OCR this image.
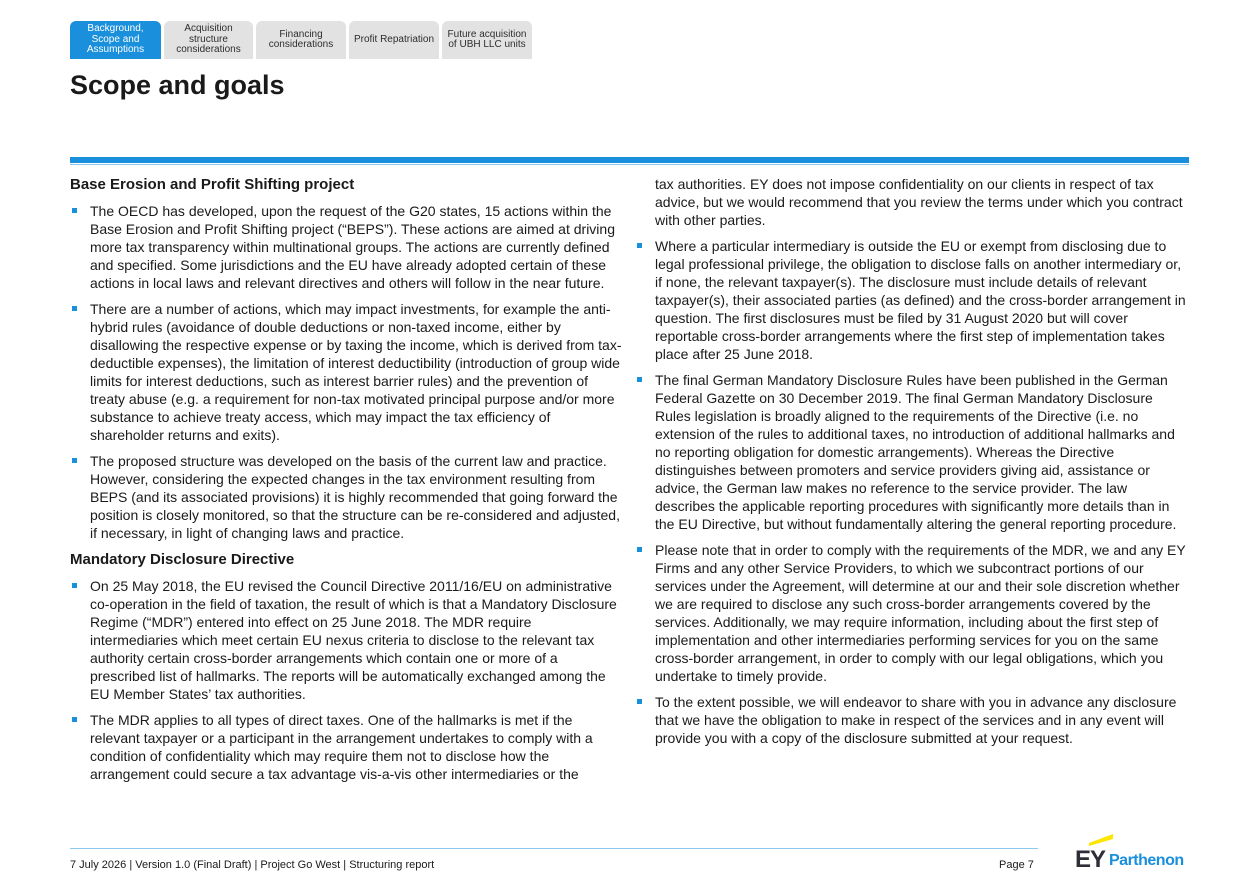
Background,
Scope and
Assumptions
Acquisition
structure
considerations
Financing
considerations	Profit Repatriation	Future acquisition
of UBH LLC units
Scope and goals
Base Erosion and Profit Shifting project
The OECD has developed, upon the request of the G20 states, 15 actions within the Base Erosion and Profit Shifting project (“BEPS”). These actions are aimed at driving more tax transparency within multinational groups. The actions are currently defined and specified. Some jurisdictions and the EU have already adopted certain of these actions in local laws and relevant directives and others will follow in the near future.
There are a number of actions, which may impact investments, for example the anti-hybrid rules (avoidance of double deductions or non-taxed income, either by disallowing the respective expense or by taxing the income, which is derived from tax-deductible expenses), the limitation of interest deductibility (introduction of group wide limits for interest deductions, such as interest barrier rules) and the prevention of treaty abuse (e.g. a requirement for non-tax motivated principal purpose and/or more substance to achieve treaty access, which may impact the tax efficiency of shareholder returns and exits).
The proposed structure was developed on the basis of the current law and practice. However, considering the expected changes in the tax environment resulting from BEPS (and its associated provisions) it is highly recommended that going forward the position is closely monitored, so that the structure can be re-considered and adjusted, if necessary, in light of changing laws and practice.
Mandatory Disclosure Directive
On 25 May 2018, the EU revised the Council Directive 2011/16/EU on administrative co-operation in the field of taxation, the result of which is that a Mandatory Disclosure Regime (“MDR”) entered into effect on 25 June 2018. The MDR require intermediaries which meet certain EU nexus criteria to disclose to the relevant tax authority certain cross-border arrangements which contain one or more of a prescribed list of hallmarks. The reports will be automatically exchanged among the EU Member States’ tax authorities.
The MDR applies to all types of direct taxes. One of the hallmarks is met if the relevant taxpayer or a participant in the arrangement undertakes to comply with a condition of confidentiality which may require them not to disclose how the arrangement could secure a tax advantage vis-a-vis other intermediaries or the

tax authorities. EY does not impose confidentiality on our clients in respect of tax advice, but we would recommend that you review the terms under which you contract with other parties.

Where a particular intermediary is outside the EU or exempt from disclosing due to legal professional privilege, the obligation to disclose falls on another intermediary or, if none, the relevant taxpayer(s). The disclosure must include details of relevant taxpayer(s), their associated parties (as defined) and the cross-border arrangement in question. The first disclosures must be filed by 31 August 2020 but will cover reportable cross-border arrangements where the first step of implementation takes place after 25 June 2018.
The final German Mandatory Disclosure Rules have been published in the German Federal Gazette on 30 December 2019. The final German Mandatory Disclosure Rules legislation is broadly aligned to the requirements of the Directive (i.e. no extension of the rules to additional taxes, no introduction of additional hallmarks and no reporting obligation for domestic arrangements). Whereas the Directive distinguishes between promoters and service providers giving aid, assistance or advice, the German law makes no reference to the service provider. The law describes the applicable reporting procedures with significantly more details than in the EU Directive, but without fundamentally altering the general reporting procedure.
Please note that in order to comply with the requirements of the MDR, we and any EY Firms and any other Service Providers, to which we subcontract portions of our services under the Agreement, will determine at our and their sole discretion whether we are required to disclose any such cross-border arrangements covered by the services. Additionally, we may require information, including about the first step of implementation and other intermediaries performing services for you on the same cross-border arrangement, in order to comply with our legal obligations, which you undertake to timely provide.
To the extent possible, we will endeavor to share with you in advance any disclosure that we have the obligation to make in respect of the services and in any event will provide you with a copy of the disclosure submitted at your request.
7 July 2026 | Version 1.0 (Final Draft) | Project Go West | Structuring report	Page 7 EY Parthenon
